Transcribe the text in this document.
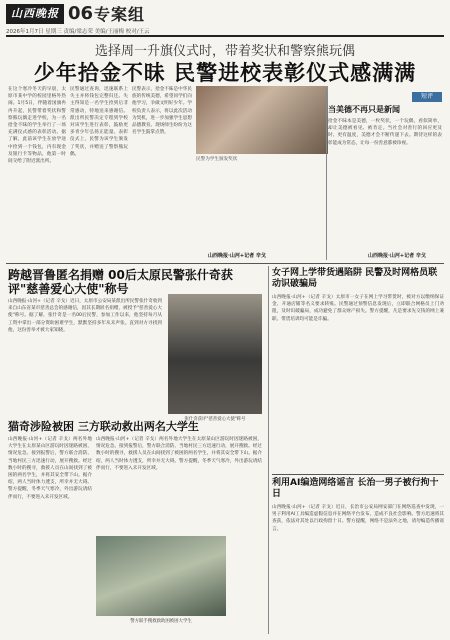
山西晚报 06 专案组
2026年1月7日 星期三 责编/梁志荣 美编/王丽梅 校对/王云
选择周一升旗仪式时，带着奖状和警察熊玩偶
少年拾金不昧 民警进校表彰仪式感满满
在这个寒冷冬天的早晨，太原市某中学的校园里格外热闹。1月5日，伴随着国旗冉冉升起，民警带着奖状和警察熊玩偶走进学校，为一名拾金不昧的学生举行了一场充满仪式感的表彰活动。据了解，此前该学生在放学途中捡到一个钱包，内有现金及银行卡等物品，他第一时间交给了附近派出所。
民警通过查询，迅速联系上失主并将钱包完整归还。失主得知是一名学生捡到后非常感动，特地送来感谢信。派出所民警决定专程到学校对该学生进行表彰，鼓励更多青少年弘扬正能量。表彰仪式上，民警为该学生颁发了奖状，并赠送了警察熊玩偶。
民警表示，拾金不昧是中华民族的传统美德，希望同学们向他学习，争做文明好少年。学校负责人表示，将以此次活动为契机，进一步加强学生思想品德教育。现场师生纷纷为这名学生鼓掌点赞。
民警为学生颁发奖状
山西晚报·山河+记者 辛戈
短评
当美德不再只是新闻
拾金不昧本是美德，一枚奖状，一个玩偶，看似简单，却让美德被看见、被肯定。当社会对善行的回应更及时、更有温度，美德才会不断传递下去。期待这样的表彰能成为常态，让每一份善意都被珍视。
山西晚报·山河+记者 辛戈
跨越晋鲁匿名捐赠 00后太原民警张什奇获评"慈善爱心大使"称号
山西晚报·山河+（记者 辛戈）近日，太原市公安局某派出所民警张什奇收到来自山东省某市慈善总会的感谢信，因其长期匿名捐赠，被授予"慈善爱心大使"称号。据了解，张什奇是一名00后民警，参加工作以来，他坚持每月从工资中拿出一部分资助困难学生，默默坚持多年从未声张。直到对方寻找到他，这份善举才被大家知晓。
张什奇获评"慈善爱心大使"称号
猫奇涉险被困 三方联动救出两名大学生
山西晚报·山河+（记者 辛戈）两名外地大学生在太原某山区游玩时因迷路被困，情况危急。接到报警后，警方联合消防、当地村民三方迅速行动，展开搜救。经过数小时的搜寻，救援人员在山间找到了被困的两名学生，并将其安全带下山。据介绍，两人当时体力透支，所幸并无大碍。警方提醒，冬季天气寒冷，外出游玩请结伴而行，不要进入未开发区域。
山西晚报·山河+（记者 辛戈）两名外地大学生在太原某山区游玩时因迷路被困，情况危急。接到报警后，警方联合消防、当地村民三方迅速行动，展开搜救。经过数小时的搜寻，救援人员在山间找到了被困的两名学生，并将其安全带下山。据介绍，两人当时体力透支，所幸并无大碍。警方提醒，冬季天气寒冷，外出游玩请结伴而行，不要进入未开发区域。
警方联手搜救救助困被困大学生
女子网上学带货遇陷阱 民警及时网格员联动识破骗局
山西晚报·山河+（记者 辛戈）太原市一女子在网上学习带货时，被对方以缴纳保证金、开通店铺等名义要求转账。民警通过预警信息发现后，立即联合网格员上门劝阻，及时识破骗局，成功避免了群众财产损失。警方提醒，凡是要求先交钱的网上兼职、带货培训均可能是诈骗。
利用AI编造网络谣言 长治一男子被行拘十日
山西晚报·山河+（记者 辛戈）近日，长治市公安局网安部门在网络巡查中发现，一男子利用AI工具编造虚假信息并在网络平台发布，造成不良社会影响。警方迅速将其查获，依法对其处以行政拘留十日。警方提醒，网络不是法外之地，请勿编造传播谣言。
